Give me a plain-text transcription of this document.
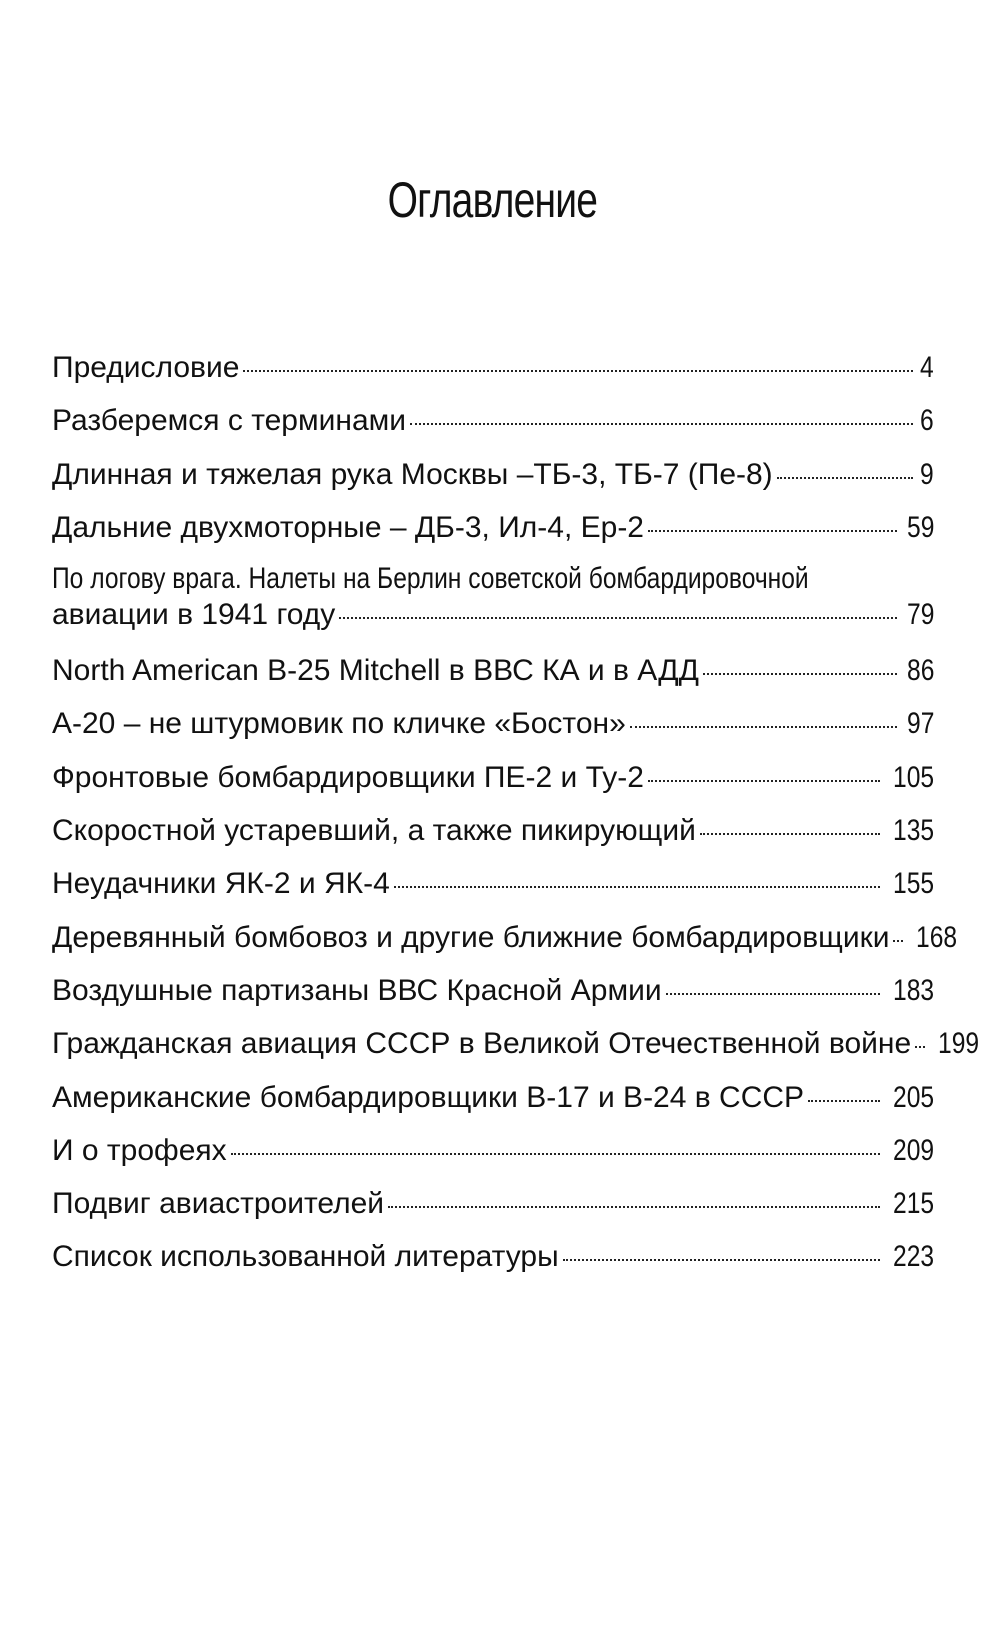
Оглавление
Предисловие	4
Разберемся с терминами	6
Длинная и тяжелая рука Москвы –ТБ-3, ТБ-7 (Пе-8)	9
Дальние двухмоторные – ДБ-3, Ил-4, Ер-2	59
По логову врага. Налеты на Берлин советской бомбардировочной
авиации в 1941 году	79
North American B-25 Mitchell в ВВС КА и в АДД	86
А-20 – не штурмовик по кличке «Бостон»	97
Фронтовые бомбардировщики ПЕ-2 и Ту-2	105
Скоростной устаревший, а также пикирующий	135
Неудачники ЯК-2 и ЯК-4	155
Деревянный бомбовоз и другие ближние бомбардировщики 168
Воздушные партизаны ВВС Красной Армии	183
Гражданская авиация СССР в Великой Отечественной войне 199
Американские бомбардировщики B-17 и B-24 в СССР	205
И о трофеях	209
Подвиг авиастроителей	215
Список использованной литературы	223
